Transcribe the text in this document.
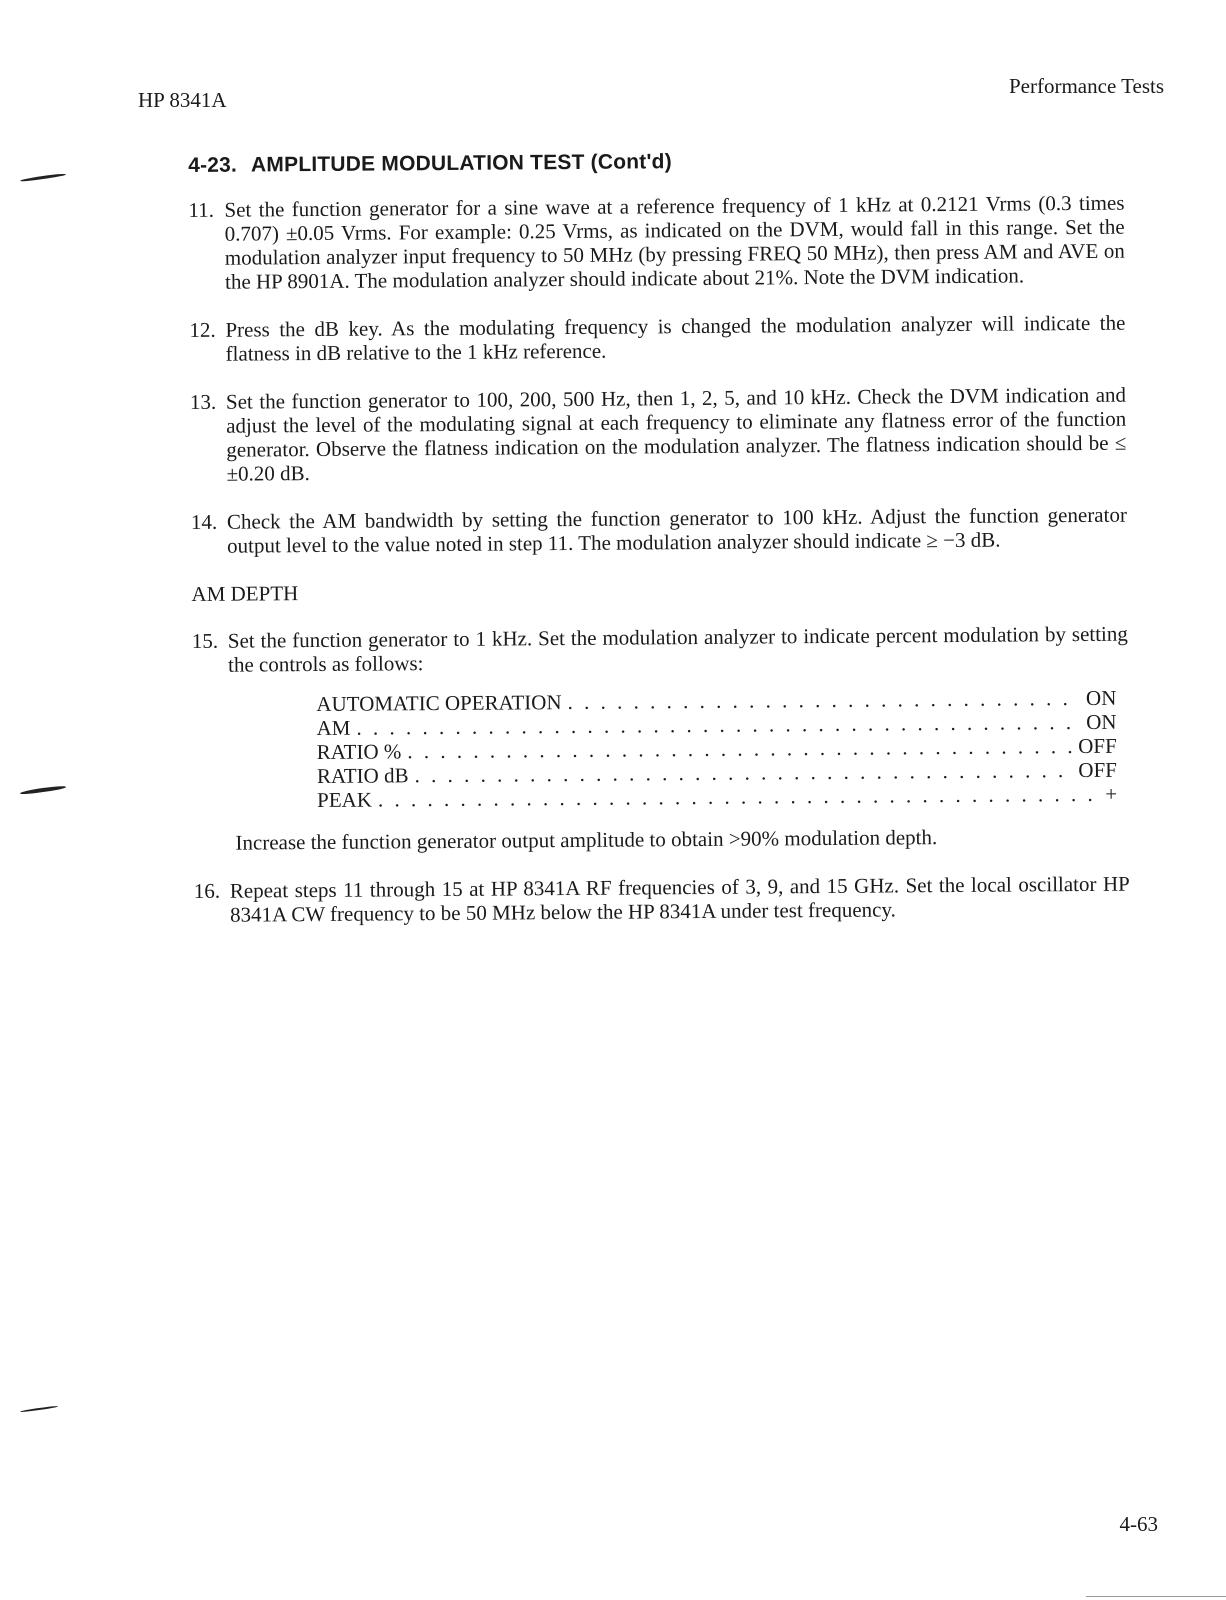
HP 8341A
Performance Tests
4-23. AMPLITUDE MODULATION TEST (Cont'd)
11. Set the function generator for a sine wave at a reference frequency of 1 kHz at 0.2121 Vrms (0.3 times 0.707) ±0.05 Vrms. For example: 0.25 Vrms, as indicated on the DVM, would fall in this range. Set the modulation analyzer input frequency to 50 MHz (by pressing FREQ 50 MHz), then press AM and AVE on the HP 8901A. The modulation analyzer should indicate about 21%. Note the DVM indication.
12. Press the dB key. As the modulating frequency is changed the modulation analyzer will indicate the flatness in dB relative to the 1 kHz reference.
13. Set the function generator to 100, 200, 500 Hz, then 1, 2, 5, and 10 kHz. Check the DVM indication and adjust the level of the modulating signal at each frequency to eliminate any flatness error of the function generator. Observe the flatness indication on the modulation analyzer. The flatness indication should be ≤ ±0.20 dB.
14. Check the AM bandwidth by setting the function generator to 100 kHz. Adjust the function generator output level to the value noted in step 11. The modulation analyzer should indicate ≥ −3 dB.
AM DEPTH
15. Set the function generator to 1 kHz. Set the modulation analyzer to indicate percent modulation by setting the controls as follows:
AUTOMATIC OPERATION . . .	ON
AM . . .	ON
RATIO % . . .	OFF
RATIO dB . . .	OFF
PEAK . . .	+
Increase the function generator output amplitude to obtain >90% modulation depth.
16. Repeat steps 11 through 15 at HP 8341A RF frequencies of 3, 9, and 15 GHz. Set the local oscillator HP 8341A CW frequency to be 50 MHz below the HP 8341A under test frequency.
4-63
